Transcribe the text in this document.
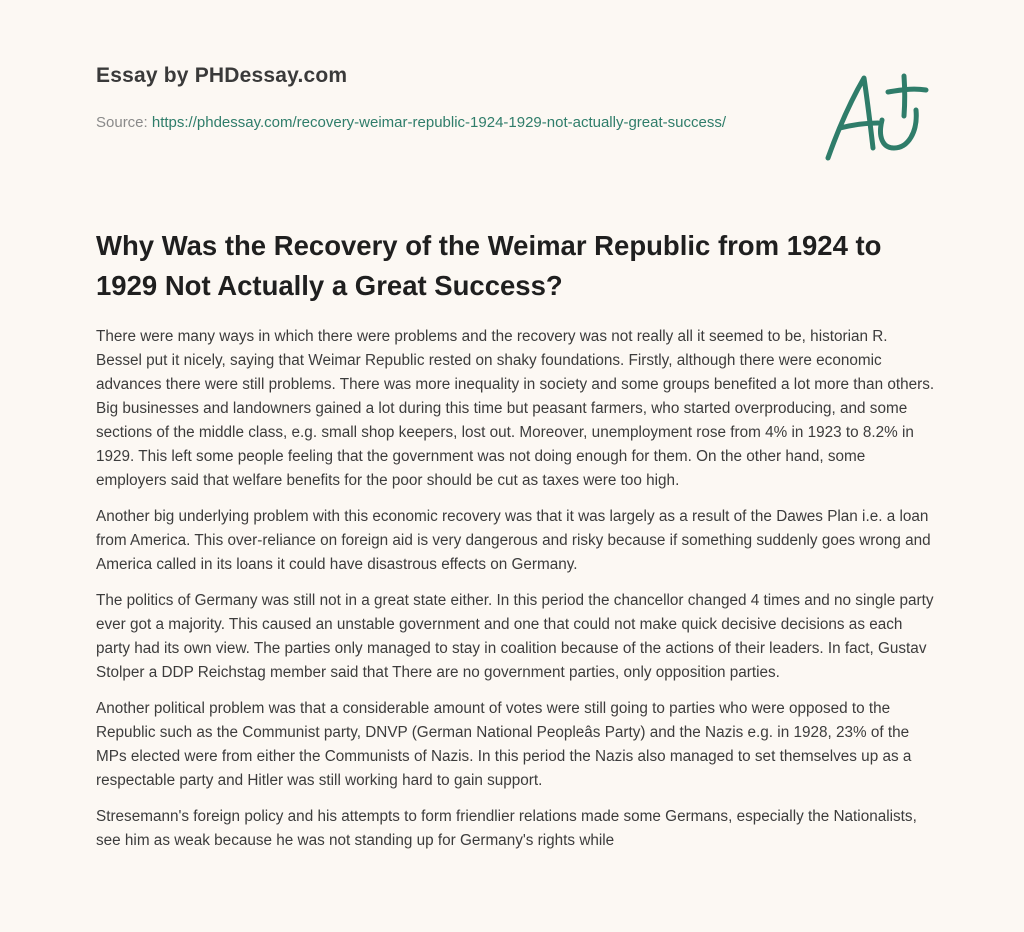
Essay by PHDessay.com

Source: https://phdessay.com/recovery-weimar-republic-1924-1929-not-actually-great-success/

Why Was the Recovery of the Weimar Republic from 1924 to 1929 Not Actually a Great Success?

There were many ways in which there were problems and the recovery was not really all it seemed to be, historian R. Bessel put it nicely, saying that Weimar Republic rested on shaky foundations. Firstly, although there were economic advances there were still problems. There was more inequality in society and some groups benefited a lot more than others. Big businesses and landowners gained a lot during this time but peasant farmers, who started overproducing, and some sections of the middle class, e.g. small shop keepers, lost out. Moreover, unemployment rose from 4% in 1923 to 8.2% in 1929. This left some people feeling that the government was not doing enough for them. On the other hand, some employers said that welfare benefits for the poor should be cut as taxes were too high.

Another big underlying problem with this economic recovery was that it was largely as a result of the Dawes Plan i.e. a loan from America. This over-reliance on foreign aid is very dangerous and risky because if something suddenly goes wrong and America called in its loans it could have disastrous effects on Germany.

The politics of Germany was still not in a great state either. In this period the chancellor changed 4 times and no single party ever got a majority. This caused an unstable government and one that could not make quick decisive decisions as each party had its own view. The parties only managed to stay in coalition because of the actions of their leaders. In fact, Gustav Stolper a DDP Reichstag member said that There are no government parties, only opposition parties.

Another political problem was that a considerable amount of votes were still going to parties who were opposed to the Republic such as the Communist party, DNVP (German National Peopleâs Party) and the Nazis e.g. in 1928, 23% of the MPs elected were from either the Communists of Nazis. In this period the Nazis also managed to set themselves up as a respectable party and Hitler was still working hard to gain support.

Stresemann's foreign policy and his attempts to form friendlier relations made some Germans, especially the Nationalists, see him as weak because he was not standing up for Germany's rights while
